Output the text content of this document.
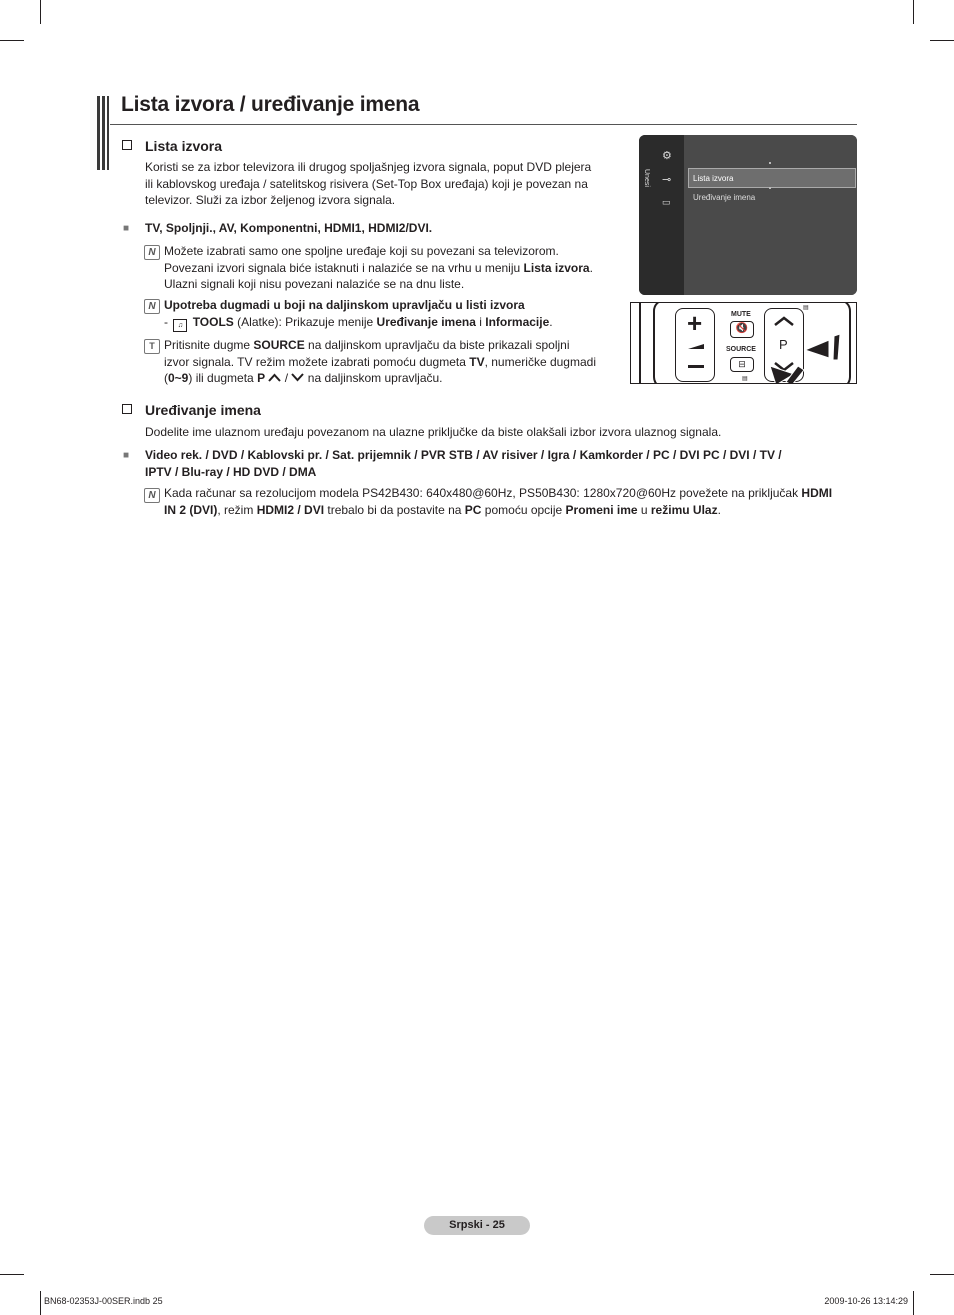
Lista izvora / uređivanje imena
Lista izvora
Koristi se za izbor televizora ili drugog spoljašnjeg izvora signala, poput DVD plejera
ili kablovskog uređaja / satelitskog risivera (Set-Top Box uređaja) koji je povezan na
televizor. Služi za izbor željenog izvora signala.
■ TV, Spoljnji., AV, Komponentni, HDMI1, HDMI2/DVI.
N Možete izabrati samo one spoljne uređaje koji su povezani sa televizorom.
Povezani izvori signala biće istaknuti i nalaziće se na vrhu u meniju Lista izvora.
Ulazni signali koji nisu povezani nalaziće se na dnu liste.
N Upotreba dugmadi u boji na daljinskom upravljaču u listi izvora
- ♫ TOOLS (Alatke): Prikazuje menije Uređivanje imena i Informacije.
T Pritisnite dugme SOURCE na daljinskom upravljaču da biste prikazali spoljni
izvor signala. TV režim možete izabrati pomoću dugmeta TV, numeričke dugmadi
(0~9) ili dugmeta P  /  na daljinskom upravljaču.
⚙
⊸
▭
Unesi	Lista izvora
Uređivanje imena
+	MUTE
🔇
SOURCE
⊟
▤
P
▤
Uređivanje imena
Dodelite ime ulaznom uređaju povezanom na ulazne priključke da biste olakšali izbor izvora ulaznog signala.
■ Video rek. / DVD / Kablovski pr. / Sat. prijemnik / PVR STB / AV risiver / Igra / Kamkorder / PC / DVI PC / DVI / TV /
IPTV / Blu-ray / HD DVD / DMA
N Kada računar sa rezolucijom modela PS42B430: 640x480@60Hz, PS50B430: 1280x720@60Hz povežete na priključak HDMI
IN 2 (DVI), režim HDMI2 / DVI trebalo bi da postavite na PC pomoću opcije Promeni ime u režimu Ulaz.
Srpski - 25
BN68-02353J-00SER.indb 25	2009-10-26 13:14:29
